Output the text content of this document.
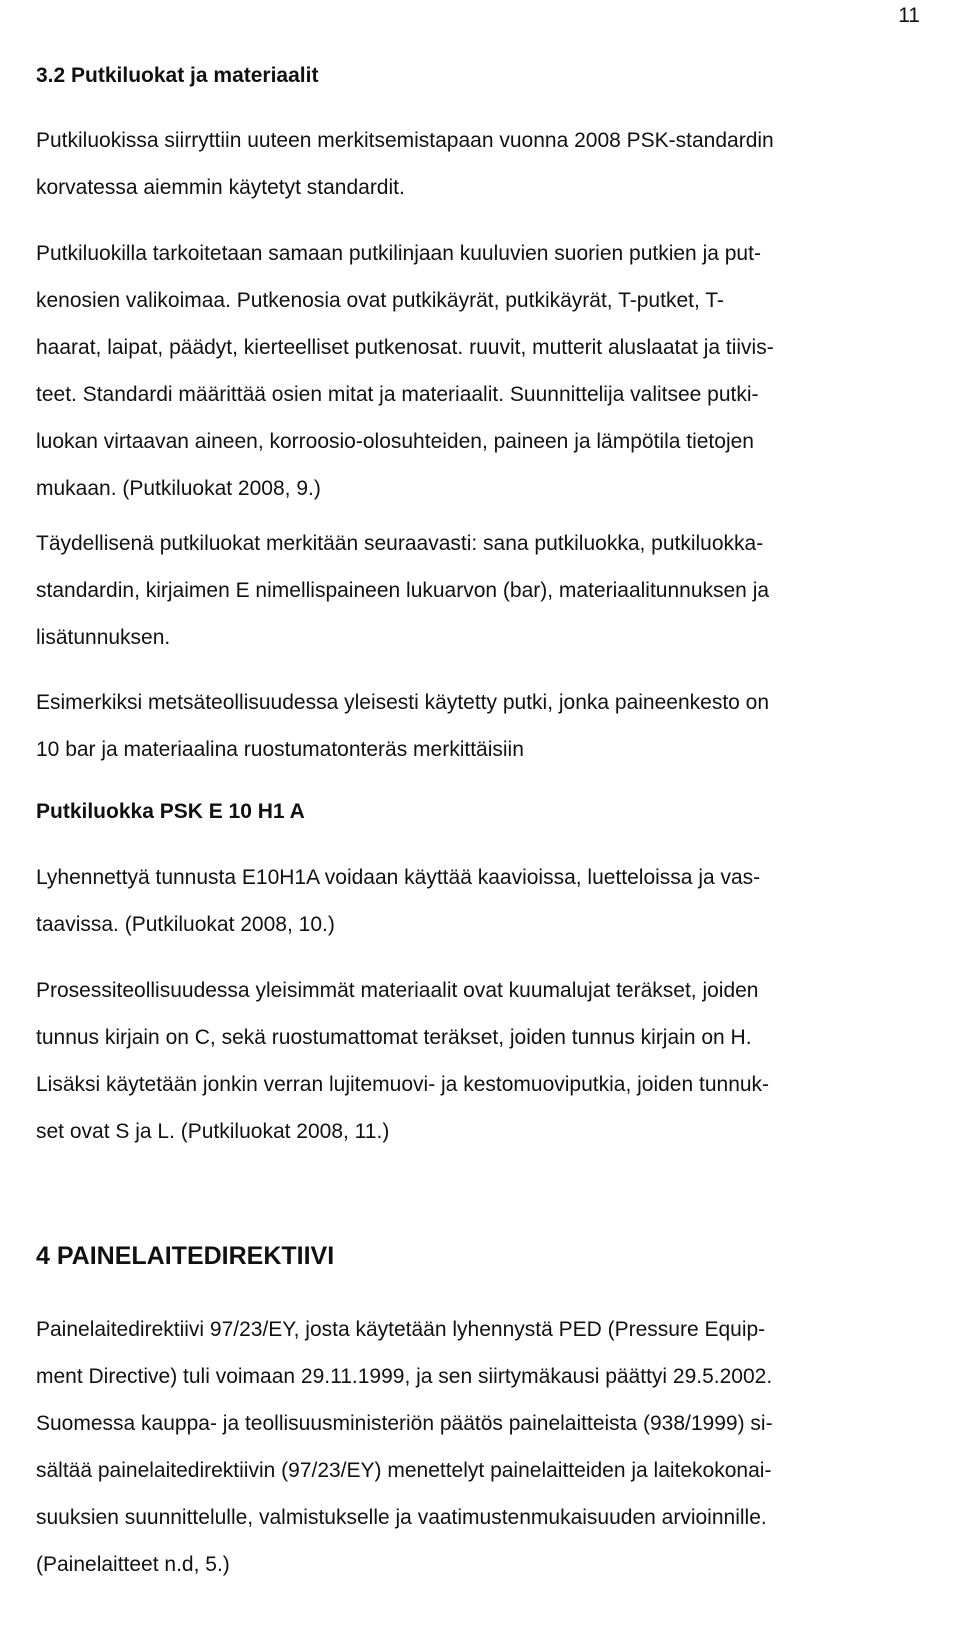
11
3.2 Putkiluokat ja materiaalit
Putkiluokissa siirryttiin uuteen merkitsemistapaan vuonna 2008 PSK-standardin
korvatessa aiemmin käytetyt standardit.
Putkiluokilla tarkoitetaan samaan putkilinjaan kuuluvien suorien putkien ja put-
kenosien valikoimaa. Putkenosia ovat putkikäyrät, putkikäyrät, T-putket, T-
haarat, laipat, päädyt, kierteelliset putkenosat. ruuvit, mutterit aluslaatat ja tiivis-
teet. Standardi määrittää osien mitat ja materiaalit. Suunnittelija valitsee putki-
luokan virtaavan aineen, korroosio-olosuhteiden, paineen ja lämpötila tietojen
mukaan. (Putkiluokat 2008, 9.)
Täydellisenä putkiluokat merkitään seuraavasti: sana putkiluokka, putkiluokka-
standardin, kirjaimen E nimellispaineen lukuarvon (bar), materiaalitunnuksen ja
lisätunnuksen.
Esimerkiksi metsäteollisuudessa yleisesti käytetty putki, jonka paineenkesto on
10 bar ja materiaalina ruostumatonteräs merkittäisiin
Putkiluokka PSK E 10 H1 A
Lyhennettyä tunnusta E10H1A voidaan käyttää kaavioissa, luetteloissa ja vas-
taavissa. (Putkiluokat 2008, 10.)
Prosessiteollisuudessa yleisimmät materiaalit ovat kuumalujat teräkset, joiden
tunnus kirjain on C, sekä ruostumattomat teräkset, joiden tunnus kirjain on H.
Lisäksi käytetään jonkin verran lujitemuovi- ja kestomuoviputkia, joiden tunnuk-
set ovat S ja L. (Putkiluokat 2008, 11.)
4 PAINELAITEDIREKTIIVI
Painelaitedirektiivi 97/23/EY, josta käytetään lyhennystä PED (Pressure Equip-
ment Directive) tuli voimaan 29.11.1999, ja sen siirtymäkausi päättyi 29.5.2002.
Suomessa kauppa- ja teollisuusministeriön päätös painelaitteista (938/1999) si-
sältää painelaitedirektiivin (97/23/EY) menettelyt painelaitteiden ja laitekokonai-
suuksien suunnittelulle, valmistukselle ja vaatimustenmukaisuuden arvioinnille.
(Painelaitteet n.d, 5.)
